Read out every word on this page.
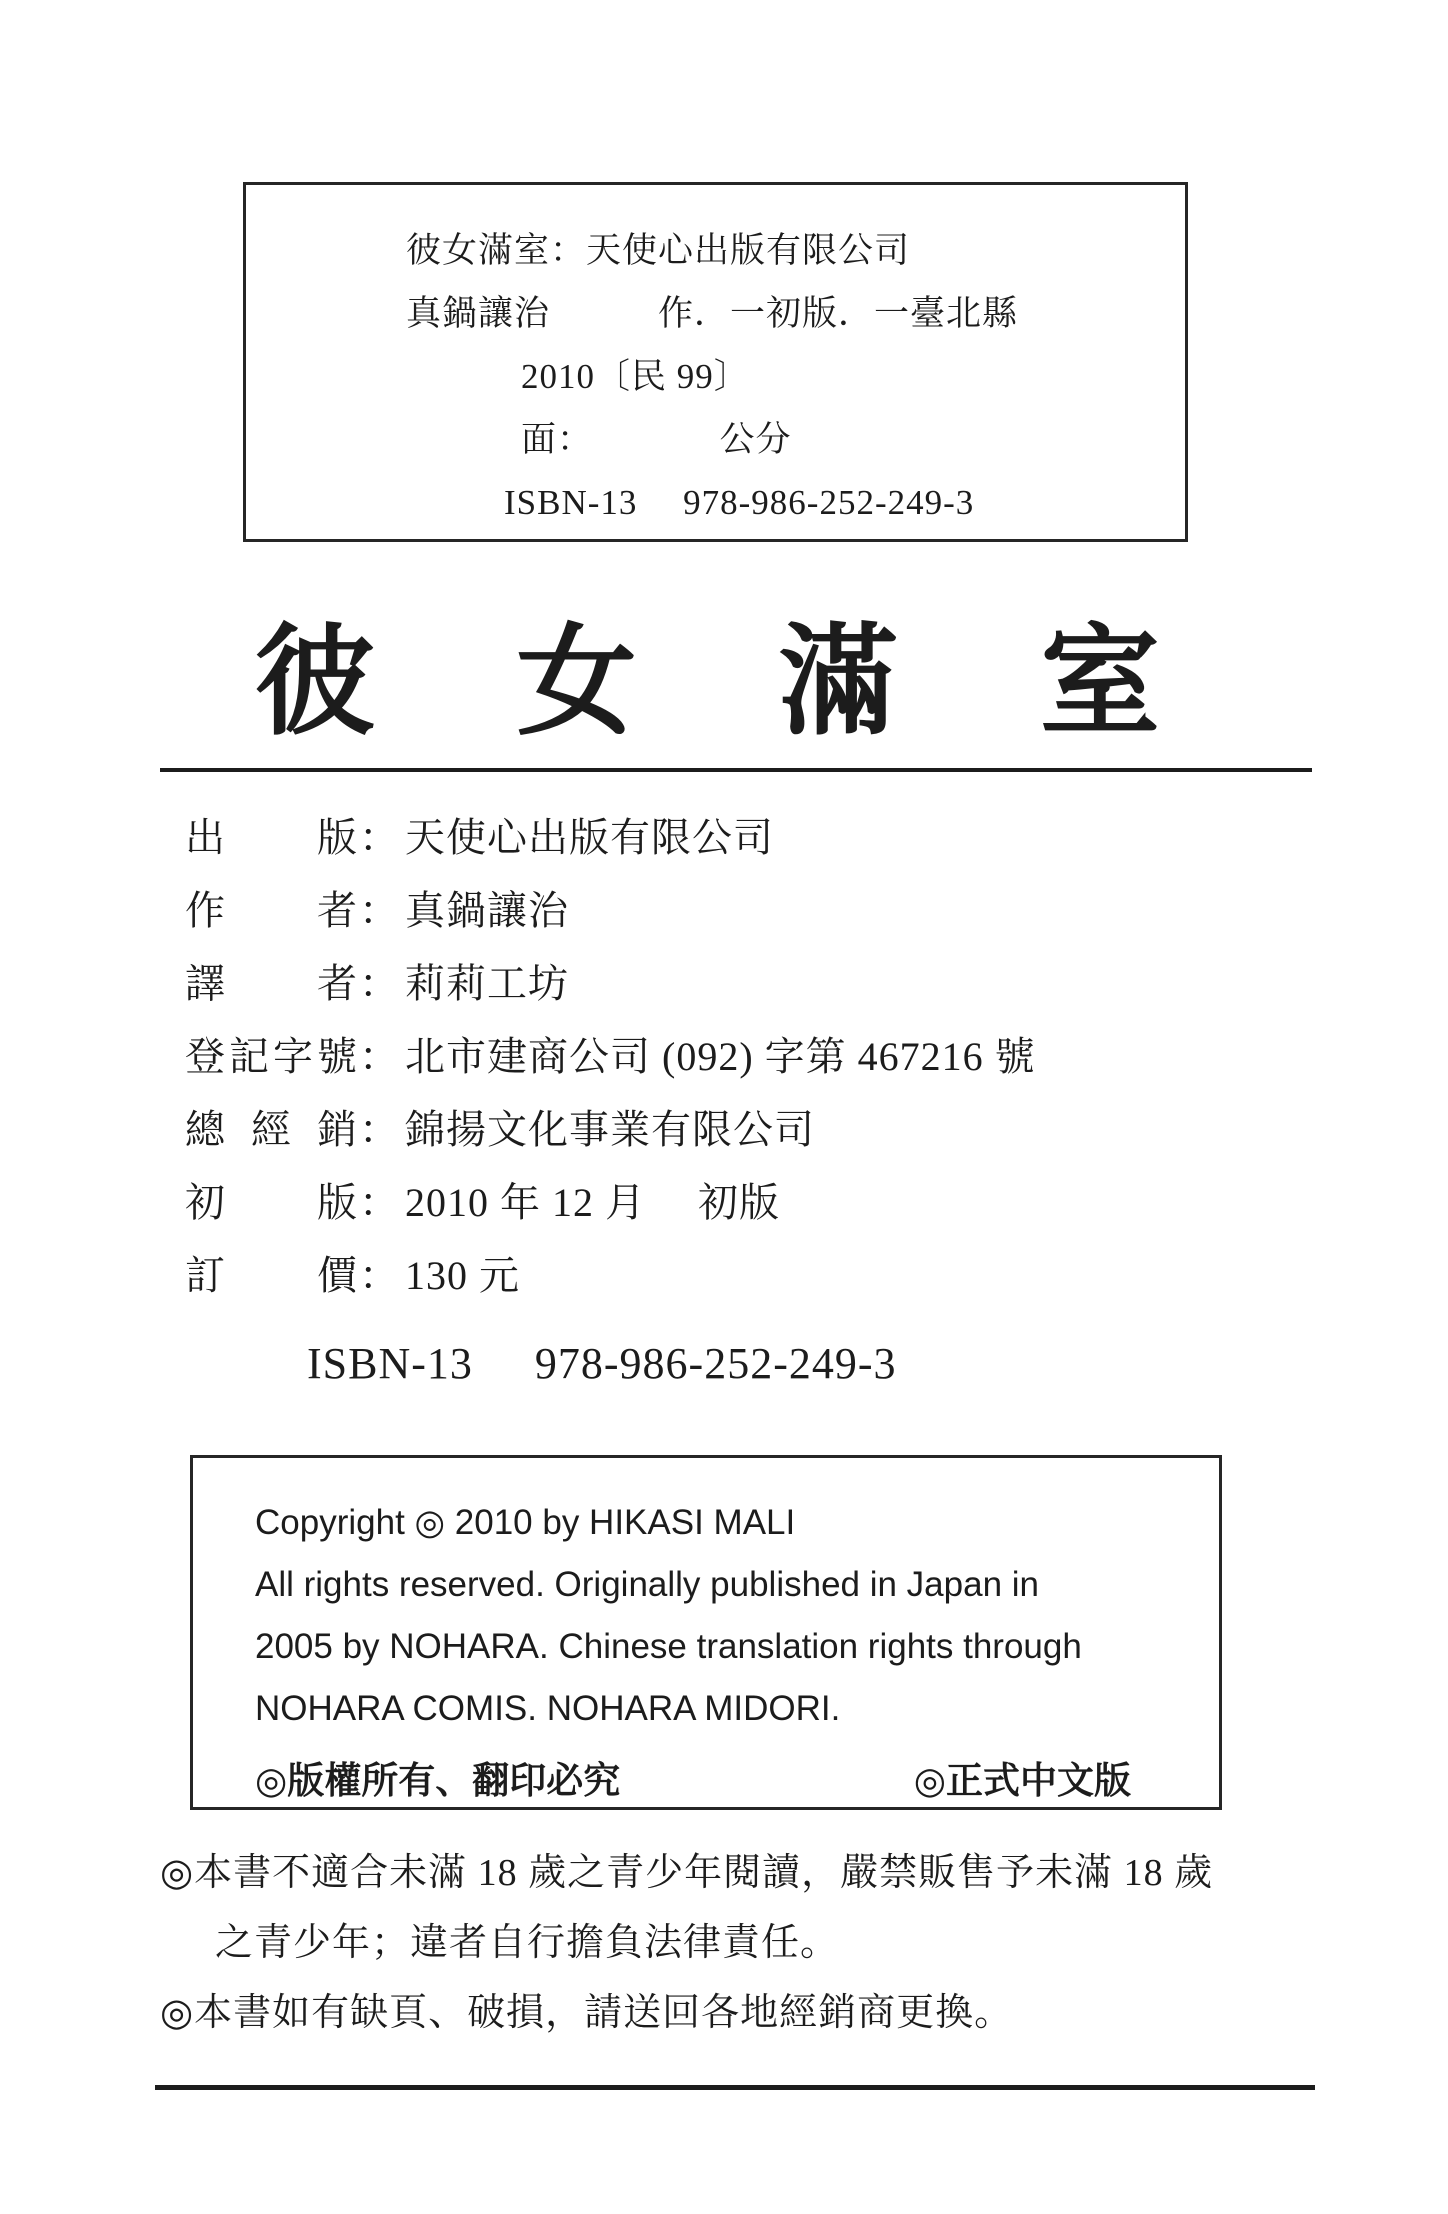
彼女滿室：天使心出版有限公司
真鍋讓治　　　作．一初版．一臺北縣
2010〔民 99〕
面：　　　　公分
ISBN-13　 978-986-252-249-3
彼 女 滿 室
出版 ： 天使心出版有限公司
作者 ： 真鍋讓治
譯者 ： 莉莉工坊
登記字號 ： 北市建商公司 (092) 字第 467216 號
總經銷 ： 錦揚文化事業有限公司
初版 ： 2010 年 12 月　 初版
訂價 ： 130 元
ISBN-13 978-986-252-249-3
Copyright ◎ 2010 by HIKASI MALI
All rights reserved. Originally published in Japan in
2005 by NOHARA. Chinese translation rights through
NOHARA COMIS. NOHARA MIDORI.
◎版權所有、翻印必究	◎正式中文版
◎本書不適合未滿 18 歲之青少年閱讀，嚴禁販售予未滿 18 歲
之青少年；違者自行擔負法律責任。
◎本書如有缺頁、破損，請送回各地經銷商更換。
